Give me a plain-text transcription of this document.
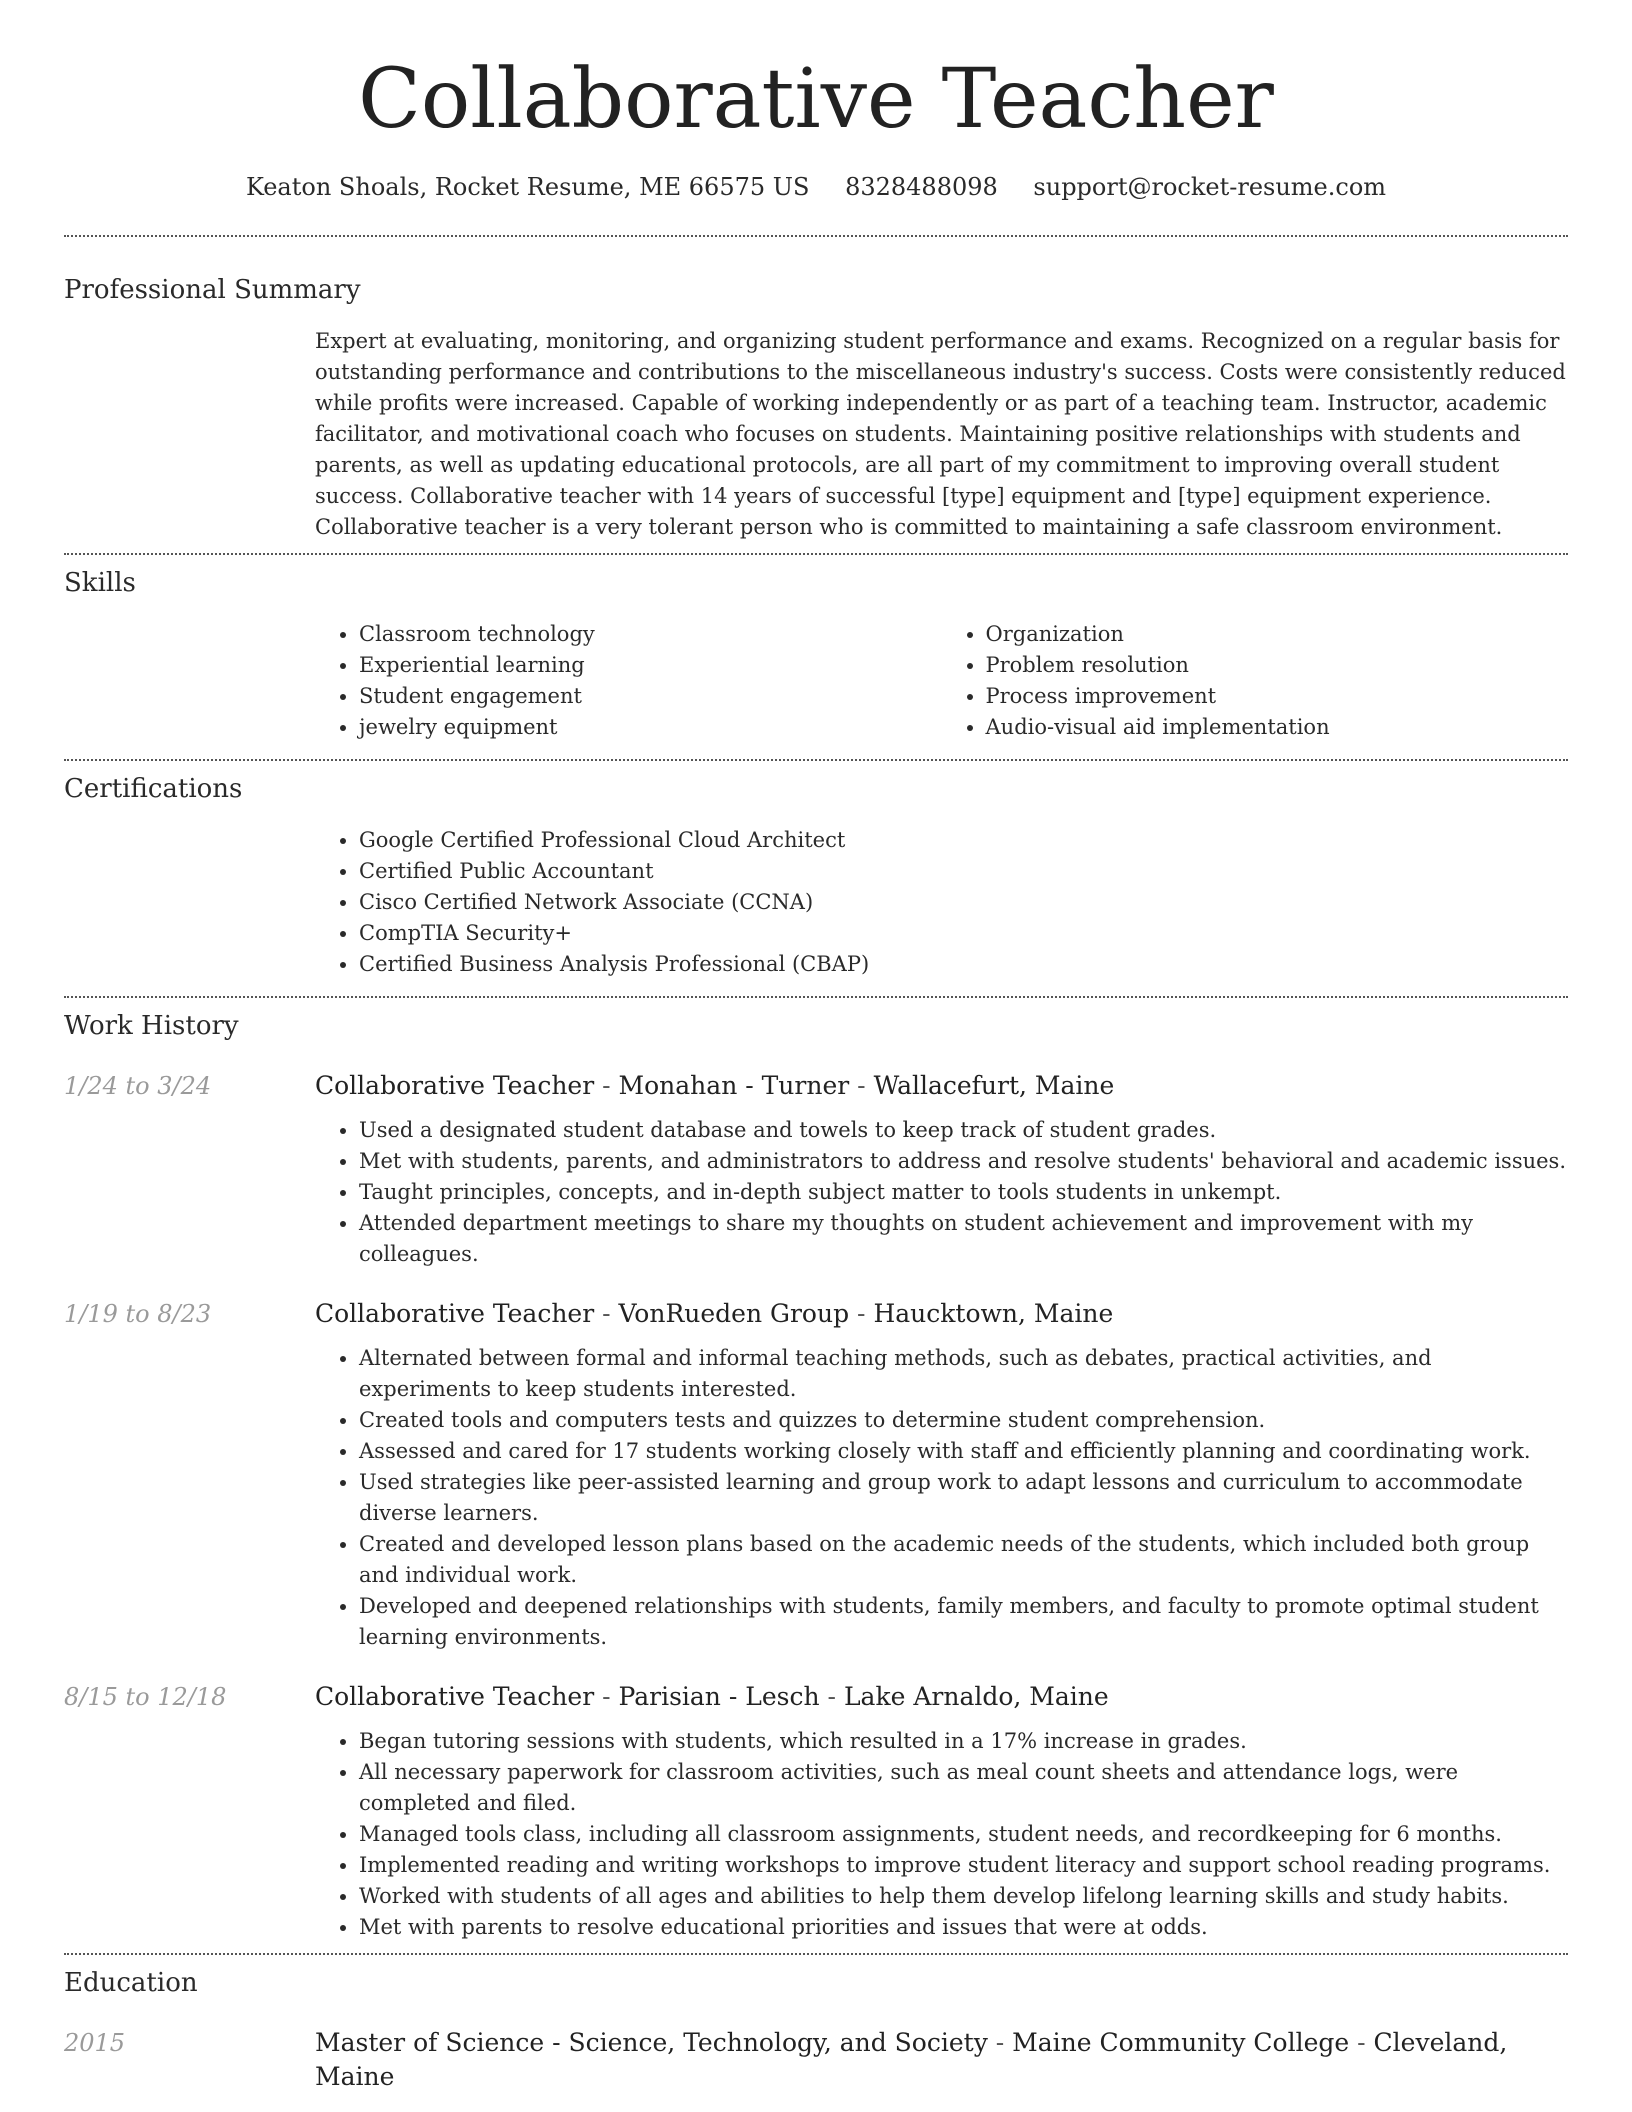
Collaborative Teacher
Keaton Shoals, Rocket Resume, ME 66575 US 8328488098 support@rocket-resume.com
Professional Summary
Expert at evaluating, monitoring, and organizing student performance and exams. Recognized on a regular basis for outstanding performance and contributions to the miscellaneous industry's success. Costs were consistently reduced while profits were increased. Capable of working independently or as part of a teaching team. Instructor, academic facilitator, and motivational coach who focuses on students. Maintaining positive relationships with students and parents, as well as updating educational protocols, are all part of my commitment to improving overall student success. Collaborative teacher with 14 years of successful [type] equipment and [type] equipment experience. Collaborative teacher is a very tolerant person who is committed to maintaining a safe classroom environment.
Skills
• Classroom technology
• Experiential learning
• Student engagement
• jewelry equipment
• Organization
• Problem resolution
• Process improvement
• Audio-visual aid implementation
Certifications
• Google Certified Professional Cloud Architect
• Certified Public Accountant
• Cisco Certified Network Associate (CCNA)
• CompTIA Security+
• Certified Business Analysis Professional (CBAP)
Work History
1/24 to 3/24	Collaborative Teacher - Monahan - Turner - Wallacefurt, Maine
• Used a designated student database and towels to keep track of student grades.
• Met with students, parents, and administrators to address and resolve students' behavioral and academic issues.
• Taught principles, concepts, and in-depth subject matter to tools students in unkempt.
• Attended department meetings to share my thoughts on student achievement and improvement with my colleagues.
1/19 to 8/23	Collaborative Teacher - VonRueden Group - Haucktown, Maine
• Alternated between formal and informal teaching methods, such as debates, practical activities, and experiments to keep students interested.
• Created tools and computers tests and quizzes to determine student comprehension.
• Assessed and cared for 17 students working closely with staff and efficiently planning and coordinating work.
• Used strategies like peer-assisted learning and group work to adapt lessons and curriculum to accommodate diverse learners.
• Created and developed lesson plans based on the academic needs of the students, which included both group and individual work.
• Developed and deepened relationships with students, family members, and faculty to promote optimal student learning environments.
8/15 to 12/18	Collaborative Teacher - Parisian - Lesch - Lake Arnaldo, Maine
• Began tutoring sessions with students, which resulted in a 17% increase in grades.
• All necessary paperwork for classroom activities, such as meal count sheets and attendance logs, were completed and filed.
• Managed tools class, including all classroom assignments, student needs, and recordkeeping for 6 months.
• Implemented reading and writing workshops to improve student literacy and support school reading programs.
• Worked with students of all ages and abilities to help them develop lifelong learning skills and study habits.
• Met with parents to resolve educational priorities and issues that were at odds.
Education
2015	Master of Science - Science, Technology, and Society - Maine Community College - Cleveland, Maine
